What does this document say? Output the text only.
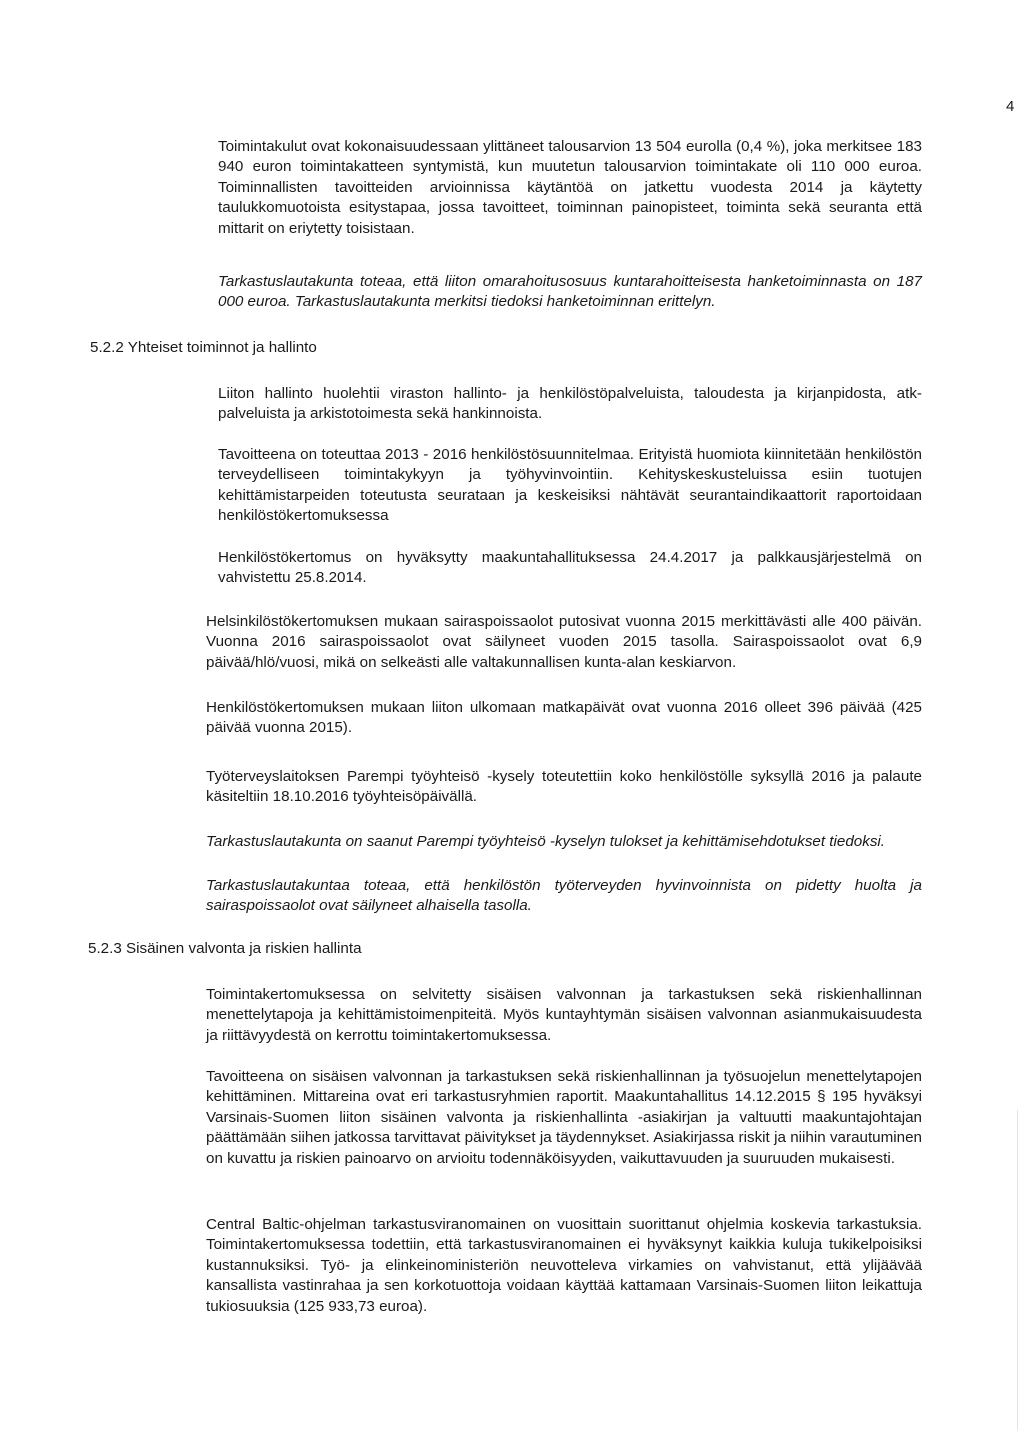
4

Toimintakulut ovat kokonaisuudessaan ylittäneet talousarvion 13 504 eurolla (0,4 %), joka merkitsee 183 940 euron toimintakatteen syntymistä, kun muutetun talousarvion toimintakate oli 110 000 euroa. Toiminnallisten tavoitteiden arvioinnissa käytäntöä on jatkettu vuodesta 2014 ja käytetty taulukkomuotoista esitystapaa, jossa tavoitteet, toiminnan painopisteet, toiminta sekä seuranta että mittarit on eriytetty toisistaan.

Tarkastuslautakunta toteaa, että liiton omarahoitusosuus kuntarahoitteisesta hanketoiminnasta on 187 000 euroa. Tarkastuslautakunta merkitsi tiedoksi hanketoiminnan erittelyn.

5.2.2 Yhteiset toiminnot ja hallinto

Liiton hallinto huolehtii viraston hallinto- ja henkilöstöpalveluista, taloudesta ja kirjanpidosta, atk-palveluista ja arkistotoimesta sekä hankinnoista.

Tavoitteena on toteuttaa 2013 - 2016 henkilöstösuunnitelmaa. Erityistä huomiota kiinnitetään henkilöstön terveydelliseen toimintakykyyn ja työhyvinvointiin. Kehityskeskusteluissa esiin tuotujen kehittämistarpeiden toteutusta seurataan ja keskeisiksi nähtävät seurantaindikaattorit raportoidaan henkilöstökertomuksessa

Henkilöstökertomus on hyväksytty maakuntahallituksessa 24.4.2017 ja palkkausjärjestelmä on vahvistettu 25.8.2014.

Helsinkilöstökertomuksen mukaan sairaspoissaolot putosivat vuonna 2015 merkittävästi alle 400 päivän. Vuonna 2016 sairaspoissaolot ovat säilyneet vuoden 2015 tasolla. Sairaspoissaolot ovat 6,9 päivää/hlö/vuosi, mikä on selkeästi alle valtakunnallisen kunta-alan keskiarvon.

Henkilöstökertomuksen mukaan liiton ulkomaan matkapäivät ovat vuonna 2016 olleet 396 päivää (425 päivää vuonna 2015).

Työterveyslaitoksen Parempi työyhteisö -kysely toteutettiin koko henkilöstölle syksyllä 2016 ja palaute käsiteltiin 18.10.2016 työyhteisöpäivällä.

Tarkastuslautakunta on saanut Parempi työyhteisö -kyselyn tulokset ja kehittämisehdotukset tiedoksi.

Tarkastuslautakuntaa toteaa, että henkilöstön työterveyden hyvinvoinnista on pidetty huolta ja sairaspoissaolot ovat säilyneet alhaisella tasolla.

5.2.3 Sisäinen valvonta ja riskien hallinta

Toimintakertomuksessa on selvitetty sisäisen valvonnan ja tarkastuksen sekä riskienhallinnan menettelytapoja ja kehittämistoimenpiteitä. Myös kuntayhtymän sisäisen valvonnan asianmukaisuudesta ja riittävyydestä on kerrottu toimintakertomuksessa.

Tavoitteena on sisäisen valvonnan ja tarkastuksen sekä riskienhallinnan ja työsuojelun menettelytapojen kehittäminen. Mittareina ovat eri tarkastusryhmien raportit. Maakuntahallitus 14.12.2015 § 195 hyväksyi Varsinais-Suomen liiton sisäinen valvonta ja riskienhallinta -asiakirjan ja valtuutti maakuntajohtajan päättämään siihen jatkossa tarvittavat päivitykset ja täydennykset. Asiakirjassa riskit ja niihin varautuminen on kuvattu ja riskien painoarvo on arvioitu todennäköisyyden, vaikuttavuuden ja suuruuden mukaisesti.

Central Baltic-ohjelman tarkastusviranomainen on vuosittain suorittanut ohjelmia koskevia tarkastuksia. Toimintakertomuksessa todettiin, että tarkastusviranomainen ei hyväksynyt kaikkia kuluja tukikelpoisiksi kustannuksiksi. Työ- ja elinkeinoministeriön neuvotteleva virkamies on vahvistanut, että ylijäävää kansallista vastinrahaa ja sen korkotuottoja voidaan käyttää kattamaan Varsinais-Suomen liiton leikattuja tukiosuuksia (125 933,73 euroa).
